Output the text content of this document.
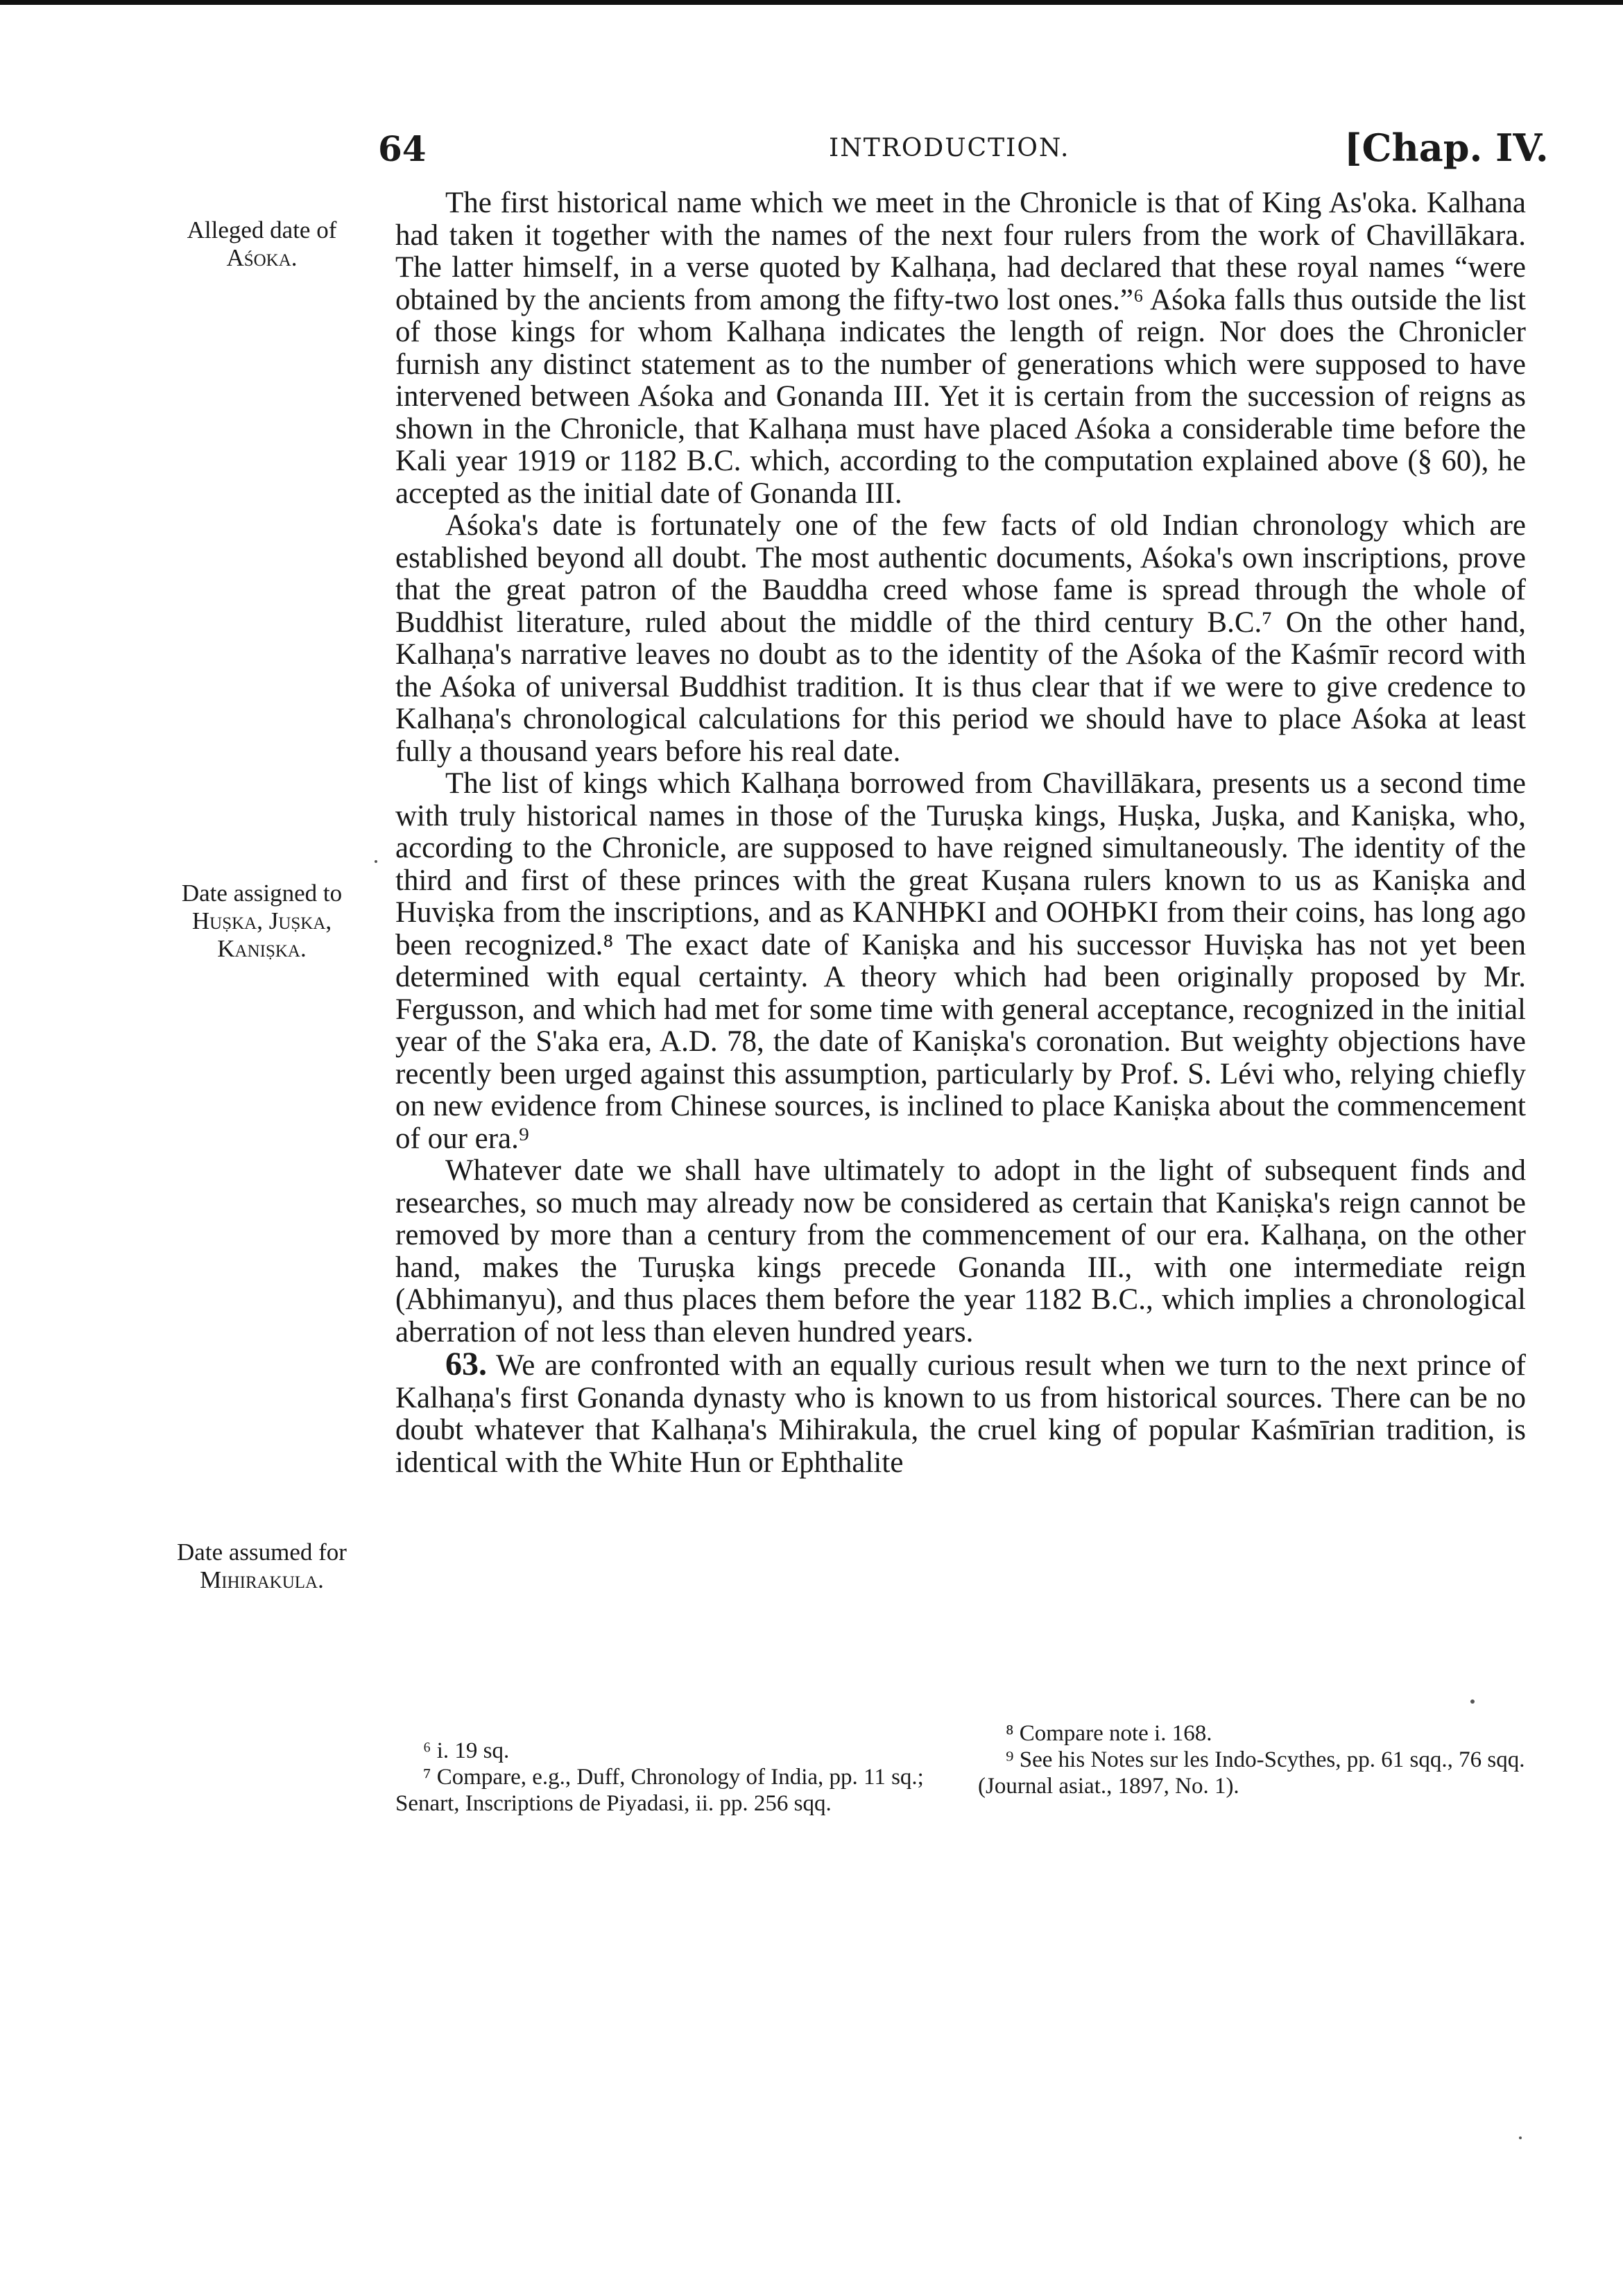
64	INTRODUCTION.	[Chap. IV.
Alleged date of
Aśoka.
Date assigned to
Huṣka, Juṣka,
Kaniṣka.
Date assumed for
Mihirakula.

The first historical name which we meet in the Chronicle is that of King As'oka. Kalhana had taken it together with the names of the next four rulers from the work of Chavillākara. The latter himself, in a verse quoted by Kalhaṇa, had declared that these royal names “were obtained by the ancients from among the fifty-two lost ones.”⁶ Aśoka falls thus outside the list of those kings for whom Kalhaṇa indicates the length of reign. Nor does the Chronicler furnish any distinct statement as to the number of generations which were supposed to have intervened between Aśoka and Gonanda III. Yet it is certain from the succession of reigns as shown in the Chronicle, that Kalhaṇa must have placed Aśoka a considerable time before the Kali year 1919 or 1182 B.C. which, according to the computation explained above (§ 60), he accepted as the initial date of Gonanda III.

Aśoka's date is fortunately one of the few facts of old Indian chronology which are established beyond all doubt. The most authentic documents, Aśoka's own inscriptions, prove that the great patron of the Bauddha creed whose fame is spread through the whole of Buddhist literature, ruled about the middle of the third century B.C.⁷ On the other hand, Kalhaṇa's narrative leaves no doubt as to the identity of the Aśoka of the Kaśmīr record with the Aśoka of universal Buddhist tradition. It is thus clear that if we were to give credence to Kalhaṇa's chronological calculations for this period we should have to place Aśoka at least fully a thousand years before his real date.

The list of kings which Kalhaṇa borrowed from Chavillākara, presents us a second time with truly historical names in those of the Turuṣka kings, Huṣka, Juṣka, and Kaniṣka, who, according to the Chronicle, are supposed to have reigned simultaneously. The identity of the third and first of these princes with the great Kuṣana rulers known to us as Kaniṣka and Huviṣka from the inscriptions, and as ΚΑΝΗÞΚΙ and ΟΟΗÞΚΙ from their coins, has long ago been recognized.⁸ The exact date of Kaniṣka and his successor Huviṣka has not yet been determined with equal certainty. A theory which had been originally proposed by Mr. Fergusson, and which had met for some time with general acceptance, recognized in the initial year of the S'aka era, A.D. 78, the date of Kaniṣka's coronation. But weighty objections have recently been urged against this assumption, particularly by Prof. S. Lévi who, relying chiefly on new evidence from Chinese sources, is inclined to place Kaniṣka about the commencement of our era.⁹

Whatever date we shall have ultimately to adopt in the light of subsequent finds and researches, so much may already now be considered as certain that Kaniṣka's reign cannot be removed by more than a century from the commencement of our era. Kalhaṇa, on the other hand, makes the Turuṣka kings precede Gonanda III., with one intermediate reign (Abhimanyu), and thus places them before the year 1182 B.C., which implies a chronological aberration of not less than eleven hundred years.

63. We are confronted with an equally curious result when we turn to the next prince of Kalhaṇa's first Gonanda dynasty who is known to us from historical sources. There can be no doubt whatever that Kalhaṇa's Mihirakula, the cruel king of popular Kaśmīrian tradition, is identical with the White Hun or Ephthalite

⁶ i. 19 sq.

⁷ Compare, e.g., Duff, Chronology of India, pp. 11 sq.; Senart, Inscriptions de Piyadasi, ii. pp. 256 sqq.

⁸ Compare note i. 168.

⁹ See his Notes sur les Indo-Scythes, pp. 61 sqq., 76 sqq. (Journal asiat., 1897, No. 1).
